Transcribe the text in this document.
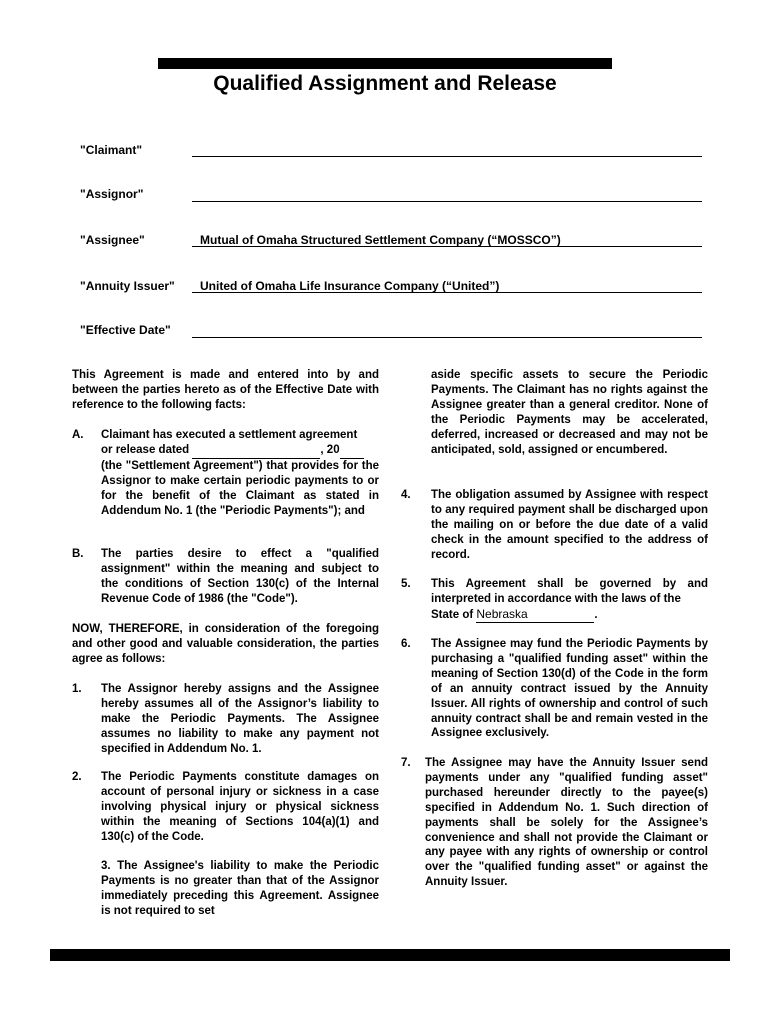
Qualified Assignment and Release
"Claimant"
"Assignor"
"Assignee"	Mutual of Omaha Structured Settlement Company (“MOSSCO”)
"Annuity Issuer" United of Omaha Life Insurance Company (“United”)
"Effective Date"

This Agreement is made and entered into by and between the parties hereto as of the Effective Date with reference to the following facts:

A. Claimant has executed a settlement agreement

or release dated	, 20

(the "Settlement Agreement") that provides for the Assignor to make certain periodic payments to or for the benefit of the Claimant as stated in Addendum No. 1 (the "Periodic Payments"); and

B. The parties desire to effect a "qualified assignment" within the meaning and subject to the conditions of Section 130(c) of the Internal Revenue Code of 1986 (the "Code").

NOW, THEREFORE, in consideration of the foregoing and other good and valuable consideration, the parties agree as follows:

1. The Assignor hereby assigns and the Assignee hereby assumes all of the Assignor’s liability to make the Periodic Payments. The Assignee assumes no liability to make any payment not specified in Addendum No. 1.

2. The Periodic Payments constitute damages on account of personal injury or sickness in a case involving physical injury or physical sickness within the meaning of Sections 104(a)(1) and 130(c) of the Code.

3. The Assignee's liability to make the Periodic Payments is no greater than that of the Assignor immediately preceding this Agreement. Assignee is not required to set

aside specific assets to secure the Periodic Payments. The Claimant has no rights against the Assignee greater than a general creditor. None of the Periodic Payments may be accelerated, deferred, increased or decreased and may not be anticipated, sold, assigned or encumbered.

4. The obligation assumed by Assignee with respect to any required payment shall be discharged upon the mailing on or before the due date of a valid check in the amount specified to the address of record.

5. This Agreement shall be governed by and interpreted in accordance with the laws of the

State of Nebraska	.

6. The Assignee may fund the Periodic Payments by purchasing a "qualified funding asset" within the meaning of Section 130(d) of the Code in the form of an annuity contract issued by the Annuity Issuer. All rights of ownership and control of such annuity contract shall be and remain vested in the Assignee exclusively.

7. The Assignee may have the Annuity Issuer send payments under any "qualified funding asset" purchased hereunder directly to the payee(s) specified in Addendum No. 1. Such direction of payments shall be solely for the Assignee’s convenience and shall not provide the Claimant or any payee with any rights of ownership or control over the "qualified funding asset" or against the Annuity Issuer.
